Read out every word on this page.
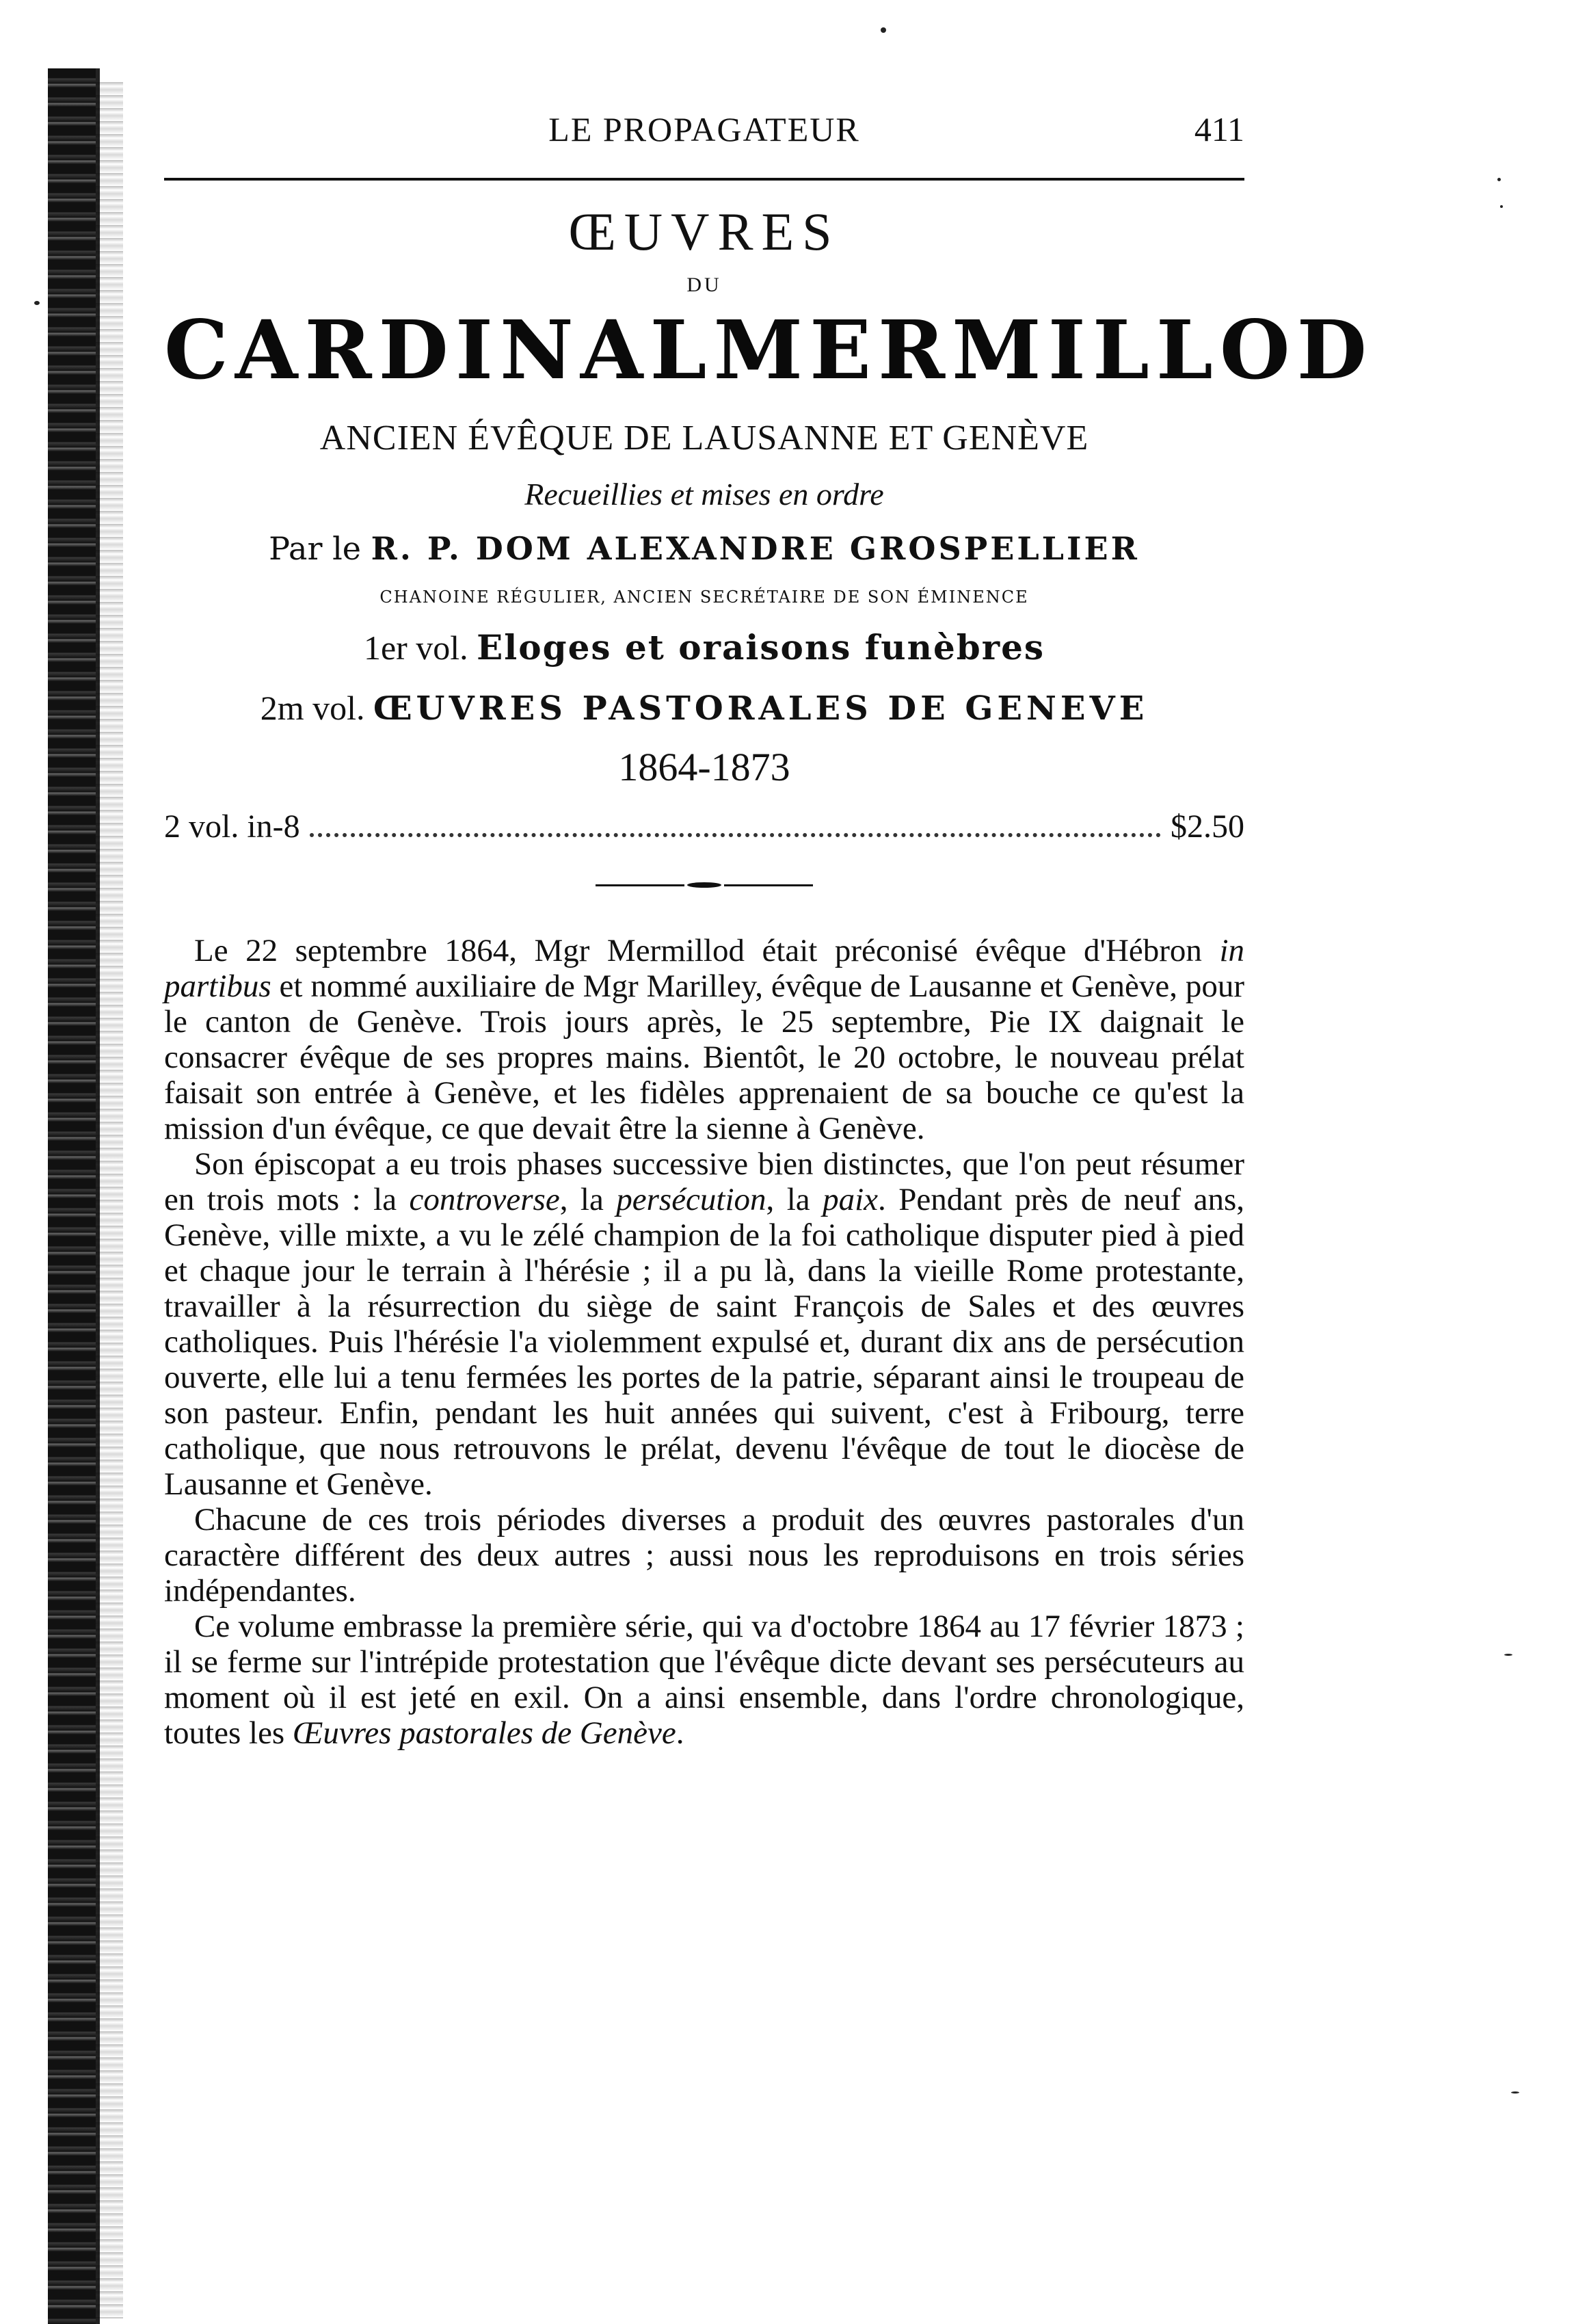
LE PROPAGATEUR	411
ŒUVRES
DU
CARDINAL MERMILLOD
ANCIEN ÉVÊQUE DE LAUSANNE ET GENÈVE
Recueillies et mises en ordre
Par le R. P. DOM ALEXANDRE GROSPELLIER
CHANOINE RÉGULIER, ANCIEN SECRÉTAIRE DE SON ÉMINENCE
1er vol. Eloges et oraisons funèbres
2m vol. ŒUVRES PASTORALES DE GENEVE
1864-1873
2 vol. in-8	$2.50

Le 22 septembre 1864, Mgr Mermillod était préconisé évêque d'Hébron in partibus et nommé auxiliaire de Mgr Marilley, évêque de Lausanne et Genève, pour le canton de Genève. Trois jours après, le 25 septembre, Pie IX daignait le consacrer évêque de ses propres mains. Bientôt, le 20 octobre, le nouveau prélat faisait son entrée à Genève, et les fidèles apprenaient de sa bouche ce qu'est la mission d'un évêque, ce que devait être la sienne à Genève.

Son épiscopat a eu trois phases successive bien distinctes, que l'on peut résumer en trois mots : la controverse, la persécution, la paix. Pendant près de neuf ans, Genève, ville mixte, a vu le zélé champion de la foi catholique disputer pied à pied et chaque jour le terrain à l'hérésie ; il a pu là, dans la vieille Rome protestante, travailler à la résurrection du siège de saint François de Sales et des œuvres catholiques. Puis l'hérésie l'a violemment expulsé et, durant dix ans de persécution ouverte, elle lui a tenu fermées les portes de la patrie, séparant ainsi le troupeau de son pasteur. Enfin, pendant les huit années qui suivent, c'est à Fribourg, terre catholique, que nous retrouvons le prélat, devenu l'évêque de tout le diocèse de Lausanne et Genève.

Chacune de ces trois périodes diverses a produit des œuvres pastorales d'un caractère différent des deux autres ; aussi nous les reproduisons en trois séries indépendantes.

Ce volume embrasse la première série, qui va d'octobre 1864 au 17 février 1873 ; il se ferme sur l'intrépide protestation que l'évêque dicte devant ses persécuteurs au moment où il est jeté en exil. On a ainsi ensemble, dans l'ordre chronologique, toutes les Œuvres pastorales de Genève.
